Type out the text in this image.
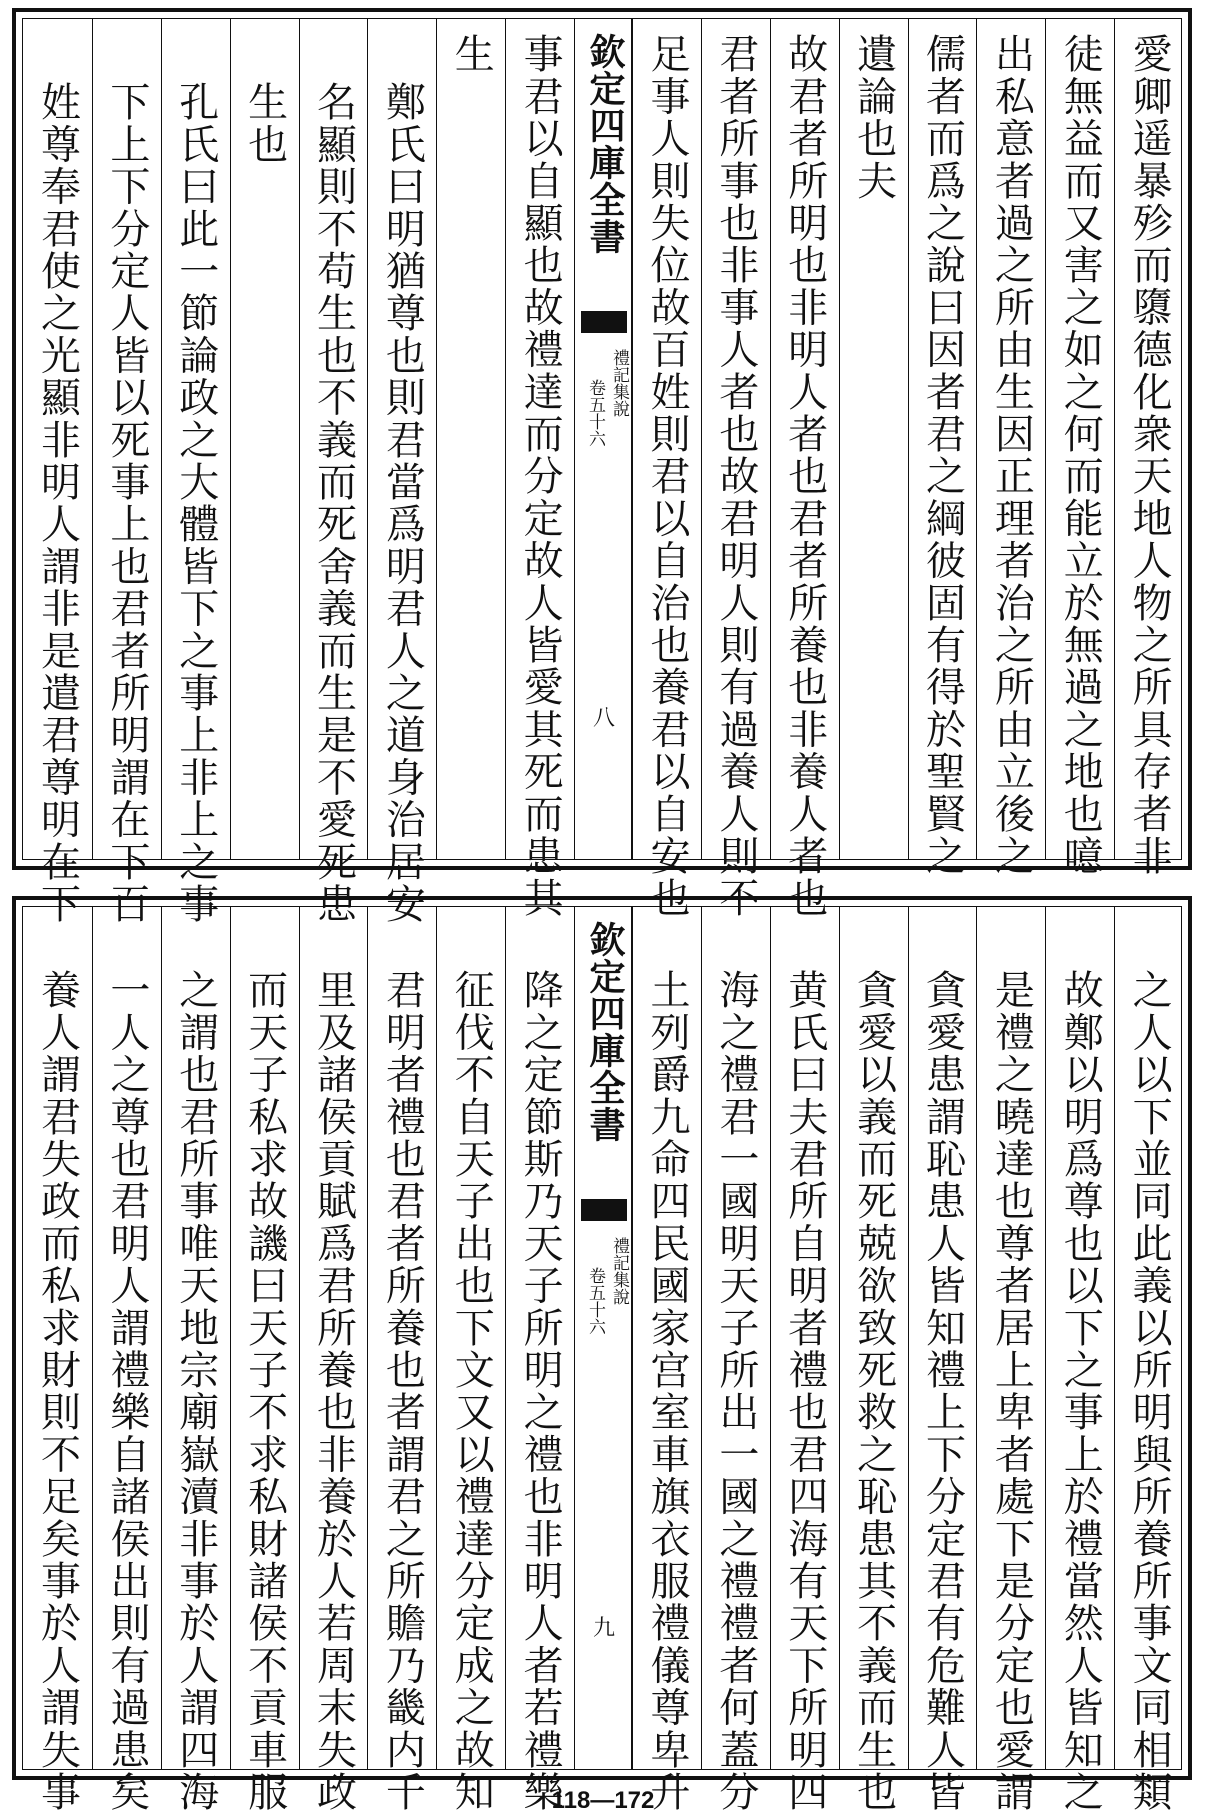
愛卿遥暴殄而隳德化衆天地人物之所具存者非
徒無益而又害之如之何而能立於無過之地也噫
出私意者過之所由生因正理者治之所由立後之
儒者而爲之說曰因者君之綱彼固有得於聖賢之
遺論也夫
故君者所明也非明人者也君者所養也非養人者也
君者所事也非事人者也故君明人則有過養人則不
足事人則失位故百姓則君以自治也養君以自安也
事君以自顯也故禮達而分定故人皆愛其死而患其
生
鄭氏曰明猶尊也則君當爲明君人之道身治居安
名顯則不苟生也不義而死舍義而生是不愛死患
生也
孔氏曰此一節論政之大體皆下之事上非上之事
下上下分定人皆以死事上也君者所明謂在下百
姓尊奉君使之光顯非明人謂非是遣君尊明在下	欽定四庫全書
禮記集說
卷五十六
八
之人以下並同此義以所明與所養所事文同相類
故鄭以明爲尊也以下之事上於禮當然人皆知之
是禮之曉達也尊者居上卑者處下是分定也愛謂
貪愛患謂恥患人皆知禮上下分定君有危難人皆
貪愛以義而死兢欲致死救之恥患其不義而生也
黄氏曰夫君所自明者禮也君四海有天下所明四
海之禮君一國明天子所出一國之禮禮者何蓋分
土列爵九命四民國家宫室車旗衣服禮儀尊卑升
降之定節斯乃天子所明之禮也非明人者若禮樂
征伐不自天子出也下文又以禮達分定成之故知
君明者禮也君者所養也者謂君之所贍乃畿内千
里及諸侯貢賦爲君所養也非養於人若周末失政
而天子私求故譏曰天子不求私財諸侯不貢車服
之謂也君所事唯天地宗廟嶽瀆非事於人謂四海
一人之尊也君明人謂禮樂自諸侯出則有過患矣
養人謂君失政而私求財則不足矣事於人謂失事	欽定四庫全書
禮記集說
卷五十六
九
118—172
